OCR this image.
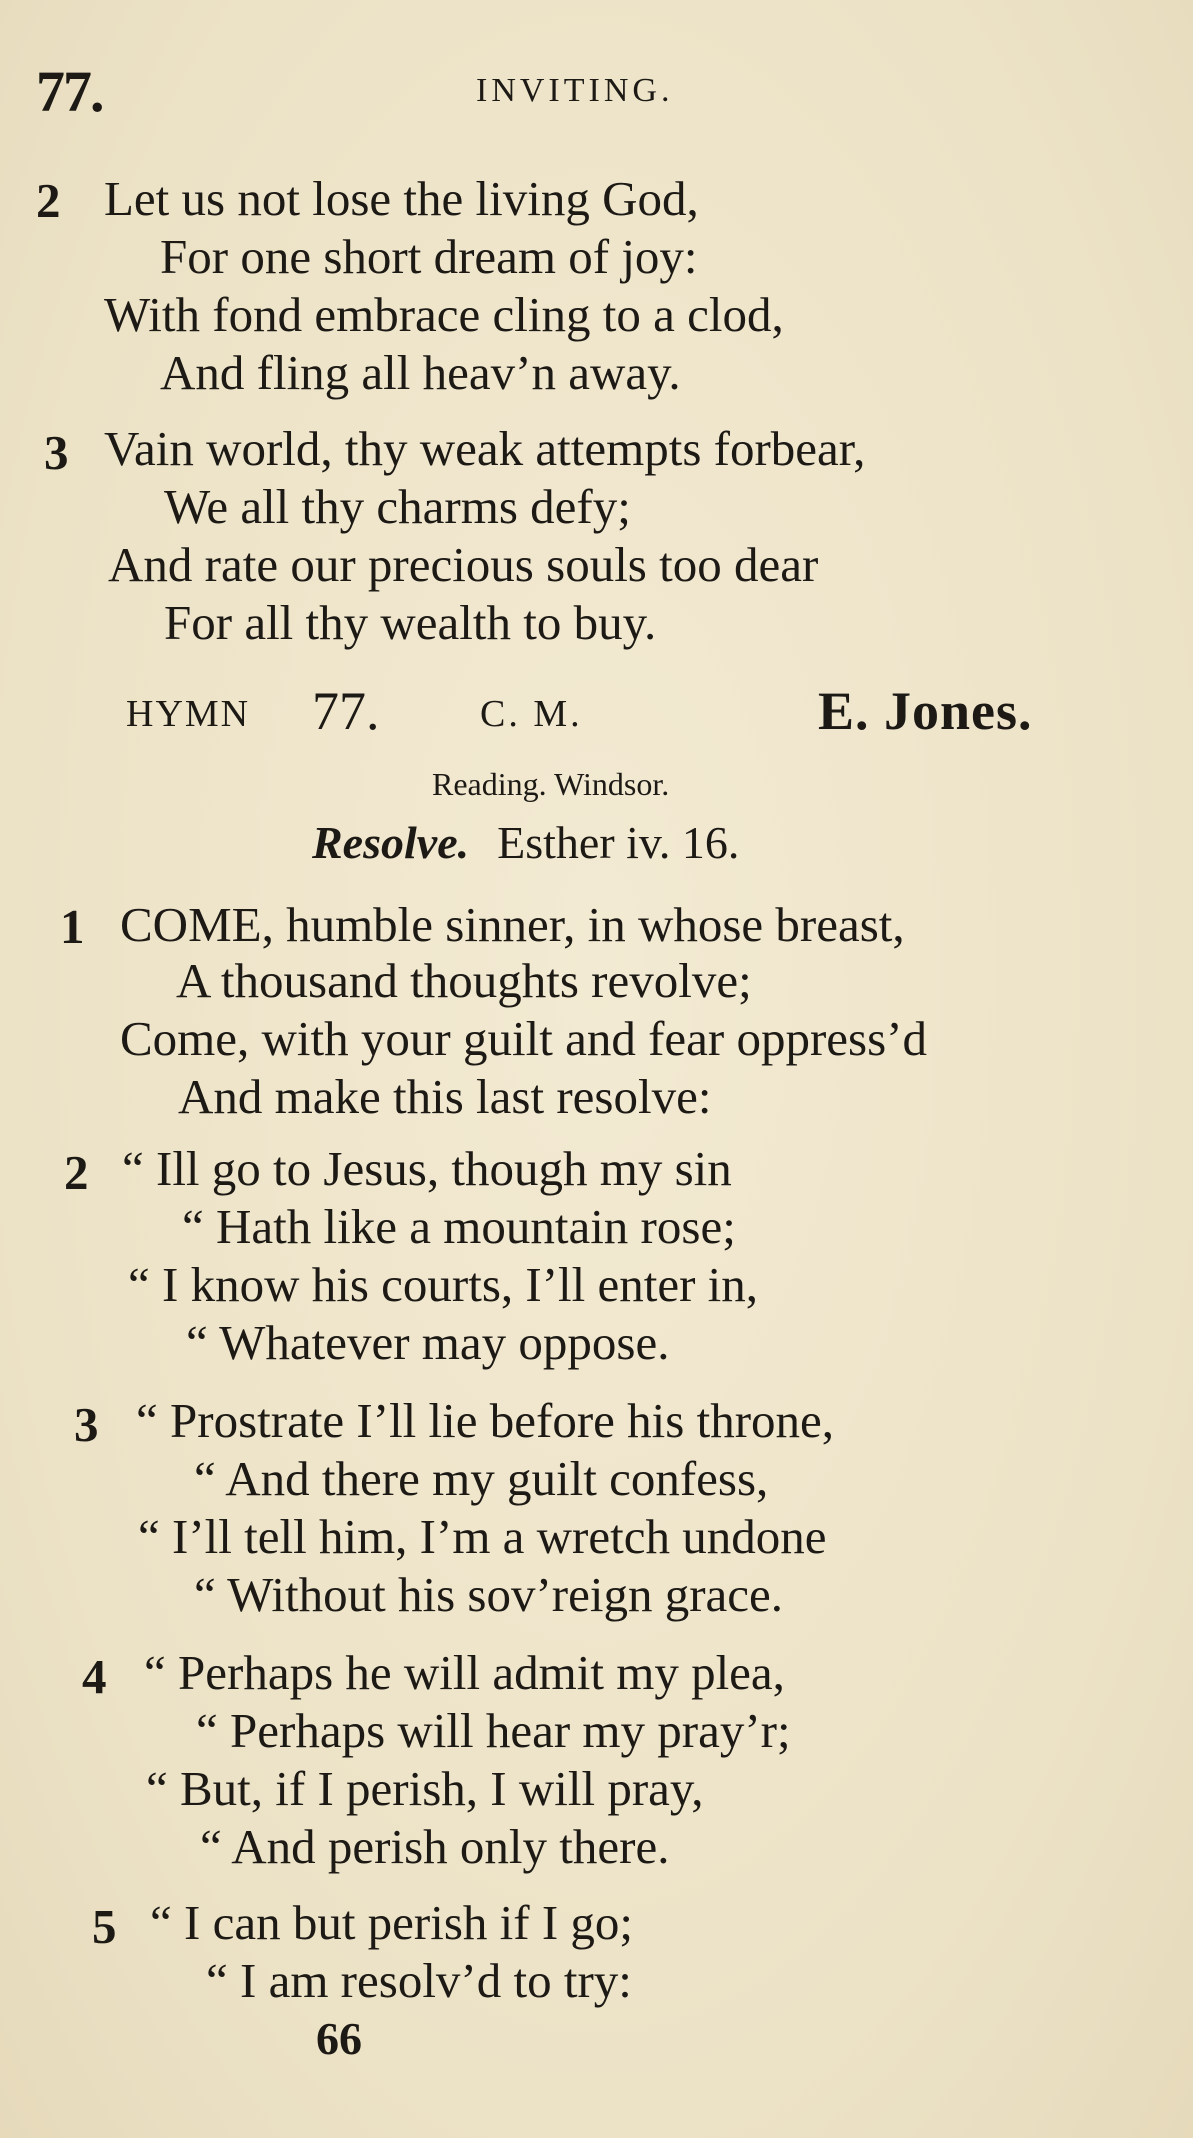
77.	INVITING.
2 Let us not lose the living God,
For one short dream of joy:
With fond embrace cling to a clod,
And fling all heav’n away.
3 Vain world, thy weak attempts forbear,
We all thy charms defy;
And rate our precious souls too dear
For all thy wealth to buy.
HYMN 77.	C. M.	E. Jones.
Reading. Windsor.
Resolve. Esther iv. 16.
1 COME, humble sinner, in whose breast,
A thousand thoughts revolve;
Come, with your guilt and fear oppress’d
And make this last resolve:
2 “ Ill go to Jesus, though my sin
“ Hath like a mountain rose;
“ I know his courts, I’ll enter in,
“ Whatever may oppose.
3 “ Prostrate I’ll lie before his throne,
“ And there my guilt confess,
“ I’ll tell him, I’m a wretch undone
“ Without his sov’reign grace.
4 “ Perhaps he will admit my plea,
“ Perhaps will hear my pray’r;
“ But, if I perish, I will pray,
“ And perish only there.
5 “ I can but perish if I go;
“ I am resolv’d to try:
66
